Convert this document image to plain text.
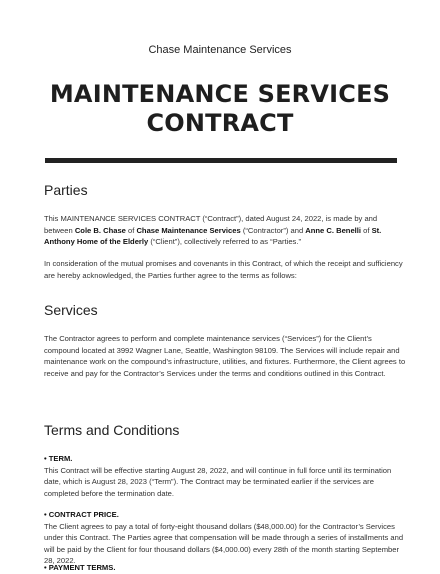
Chase Maintenance Services
MAINTENANCE SERVICES CONTRACT
Parties
This MAINTENANCE SERVICES CONTRACT (“Contract”), dated August 24, 2022, is made by and between Cole B. Chase of Chase Maintenance Services (“Contractor”) and Anne C. Benelli of St. Anthony Home of the Elderly (“Client”), collectively referred to as “Parties.”
In consideration of the mutual promises and covenants in this Contract, of which the receipt and sufficiency are hereby acknowledged, the Parties further agree to the terms as follows:
Services
The Contractor agrees to perform and complete maintenance services (“Services”) for the Client’s compound located at 3992 Wagner Lane, Seattle, Washington 98109. The Services will include repair and maintenance work on the compound’s infrastructure, utilities, and fixtures. Furthermore, the Client agrees to receive and pay for the Contractor’s Services under the terms and conditions outlined in this Contract.
Terms and Conditions
• TERM.
This Contract will be effective starting August 28, 2022, and will continue in full force until its termination date, which is August 28, 2023 (“Term”). The Contract may be terminated earlier if the services are completed before the termination date.
• CONTRACT PRICE.
The Client agrees to pay a total of forty-eight thousand dollars ($48,000.00) for the Contractor’s Services under this Contract. The Parties agree that compensation will be made through a series of installments and will be paid by the Client for four thousand dollars ($4,000.00) every 28th of the month starting September 28, 2022.
• PAYMENT TERMS.
